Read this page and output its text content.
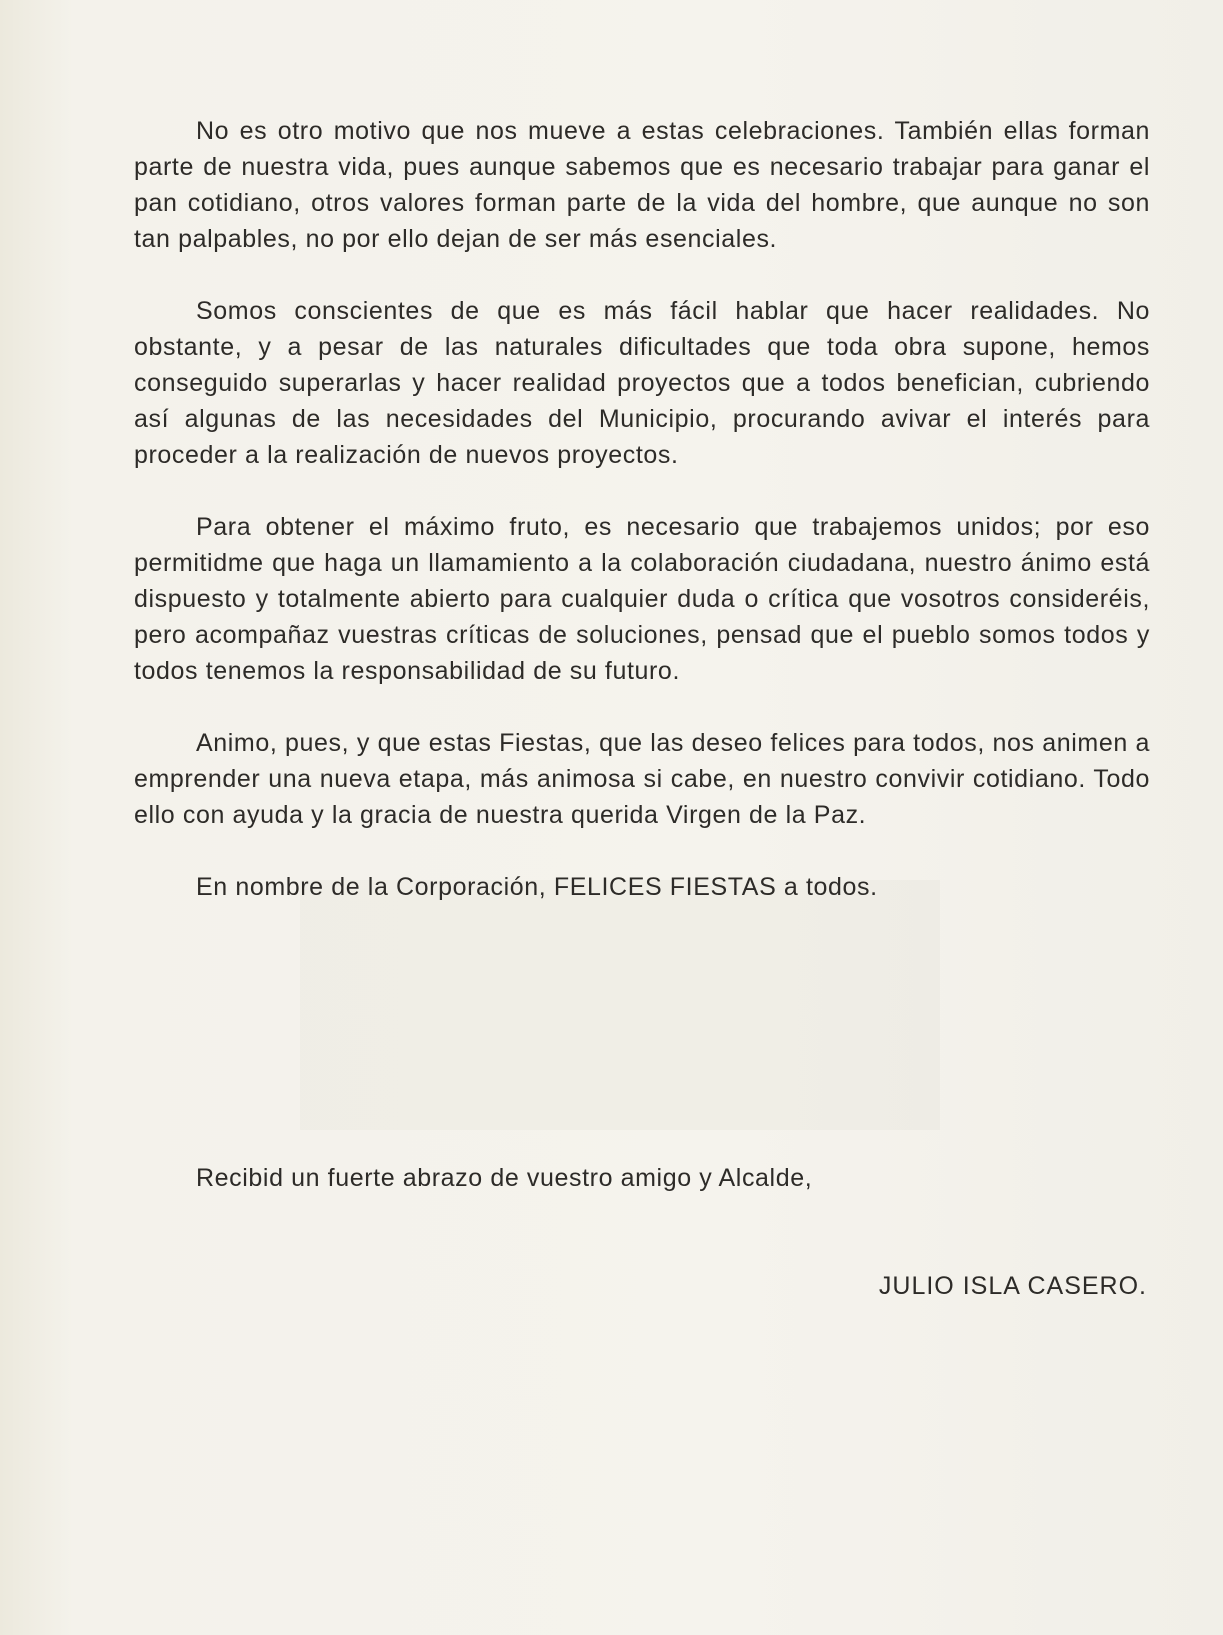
No es otro motivo que nos mueve a estas celebraciones. También ellas forman parte de nuestra vida, pues aunque sabemos que es necesario trabajar para ganar el pan cotidiano, otros valores forman parte de la vida del hombre, que aunque no son tan palpables, no por ello dejan de ser más esenciales.

Somos conscientes de que es más fácil hablar que hacer realidades. No obstante, y a pesar de las naturales dificultades que toda obra supone, hemos conseguido superarlas y hacer realidad proyectos que a todos benefician, cubriendo así algunas de las necesidades del Municipio, procurando avivar el interés para proceder a la realización de nuevos proyectos.

Para obtener el máximo fruto, es necesario que trabajemos unidos; por eso permitidme que haga un llamamiento a la colaboración ciudadana, nuestro ánimo está dispuesto y totalmente abierto para cualquier duda o crítica que vosotros consideréis, pero acompañaz vuestras críticas de soluciones, pensad que el pueblo somos todos y todos tenemos la responsabilidad de su futuro.

Animo, pues, y que estas Fiestas, que las deseo felices para todos, nos animen a emprender una nueva etapa, más animosa si cabe, en nuestro convivir cotidiano. Todo ello con ayuda y la gracia de nuestra querida Virgen de la Paz.

En nombre de la Corporación, FELICES FIESTAS a todos.

Recibid un fuerte abrazo de vuestro amigo y Alcalde,
JULIO ISLA CASERO.
